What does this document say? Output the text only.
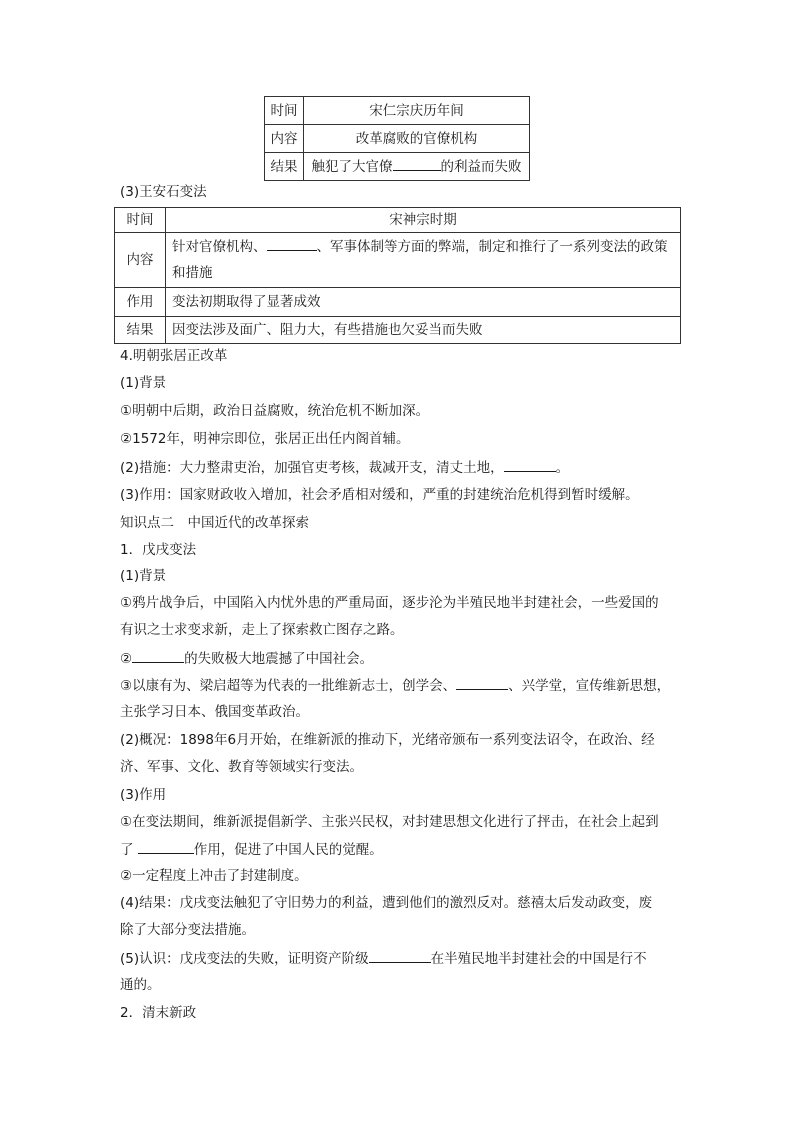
时间	宋仁宗庆历年间
内容	改革腐败的官僚机构
结果	触犯了大官僚 的利益而失败
(3)王安石变法
时间	宋神宗时期
内容	针对官僚机构、 、军事体制等方面的弊端，制定和推行了一系列变法的政策和措施
作用	变法初期取得了显著成效
结果	因变法涉及面广、阻力大，有些措施也欠妥当而失败
4.明朝张居正改革
(1)背景
①明朝中后期，政治日益腐败，统治危机不断加深。
②1572年，明神宗即位，张居正出任内阁首辅。
(2)措施：大力整肃吏治，加强官吏考核，裁减开支，清丈土地，	。
(3)作用：国家财政收入增加，社会矛盾相对缓和，严重的封建统治危机得到暂时缓解。
知识点二　中国近代的改革探索
1．戊戌变法
(1)背景
①鸦片战争后，中国陷入内忧外患的严重局面，逐步沦为半殖民地半封建社会，一些爱国的
有识之士求变求新，走上了探索救亡图存之路。
②	的失败极大地震撼了中国社会。
③以康有为、梁启超等为代表的一批维新志士，创学会、	、兴学堂，宣传维新思想，
主张学习日本、俄国变革政治。
(2)概况：1898年6月开始，在维新派的推动下，光绪帝颁布一系列变法诏令，在政治、经
济、军事、文化、教育等领域实行变法。
(3)作用
①在变法期间，维新派提倡新学、主张兴民权，对封建思想文化进行了抨击，在社会上起到
了	作用，促进了中国人民的觉醒。
②一定程度上冲击了封建制度。
(4)结果：戊戌变法触犯了守旧势力的利益，遭到他们的激烈反对。慈禧太后发动政变，废
除了大部分变法措施。
(5)认识：戊戌变法的失败，证明资产阶级	在半殖民地半封建社会的中国是行不
通的。
2．清末新政
